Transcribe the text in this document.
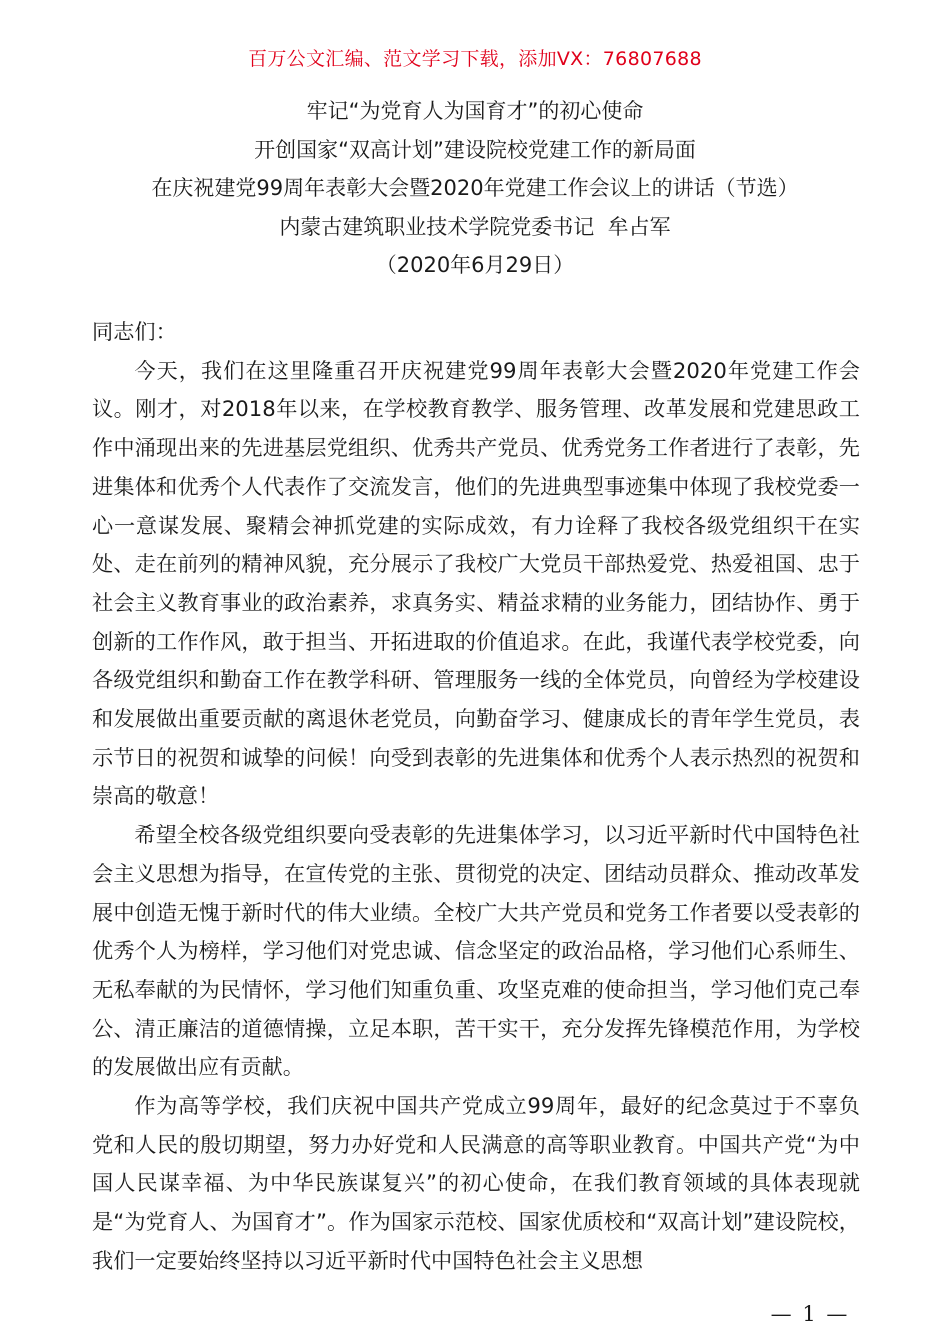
百万公文汇编、范文学习下载，添加VX：76807688
牢记“为党育人为国育才”的初心使命
开创国家“双高计划”建设院校党建工作的新局面
在庆祝建党99周年表彰大会暨2020年党建工作会议上的讲话（节选）
内蒙古建筑职业技术学院党委书记  牟占军
（2020年6月29日）

同志们：

今天，我们在这里隆重召开庆祝建党99周年表彰大会暨2020年党建工作会议。刚才，对2018年以来，在学校教育教学、服务管理、改革发展和党建思政工作中涌现出来的先进基层党组织、优秀共产党员、优秀党务工作者进行了表彰，先进集体和优秀个人代表作了交流发言，他们的先进典型事迹集中体现了我校党委一心一意谋发展、聚精会神抓党建的实际成效，有力诠释了我校各级党组织干在实处、走在前列的精神风貌，充分展示了我校广大党员干部热爱党、热爱祖国、忠于社会主义教育事业的政治素养，求真务实、精益求精的业务能力，团结协作、勇于创新的工作作风，敢于担当、开拓进取的价值追求。在此，我谨代表学校党委，向各级党组织和勤奋工作在教学科研、管理服务一线的全体党员，向曾经为学校建设和发展做出重要贡献的离退休老党员，向勤奋学习、健康成长的青年学生党员，表示节日的祝贺和诚挚的问候！向受到表彰的先进集体和优秀个人表示热烈的祝贺和崇高的敬意！

希望全校各级党组织要向受表彰的先进集体学习，以习近平新时代中国特色社会主义思想为指导，在宣传党的主张、贯彻党的决定、团结动员群众、推动改革发展中创造无愧于新时代的伟大业绩。全校广大共产党员和党务工作者要以受表彰的优秀个人为榜样，学习他们对党忠诚、信念坚定的政治品格，学习他们心系师生、无私奉献的为民情怀，学习他们知重负重、攻坚克难的使命担当，学习他们克己奉公、清正廉洁的道德情操，立足本职，苦干实干，充分发挥先锋模范作用，为学校的发展做出应有贡献。

作为高等学校，我们庆祝中国共产党成立99周年，最好的纪念莫过于不辜负党和人民的殷切期望，努力办好党和人民满意的高等职业教育。中国共产党“为中国人民谋幸福、为中华民族谋复兴”的初心使命，在我们教育领域的具体表现就是“为党育人、为国育才”。作为国家示范校、国家优质校和“双高计划”建设院校，我们一定要始终坚持以习近平新时代中国特色社会主义思想

— 1 —
